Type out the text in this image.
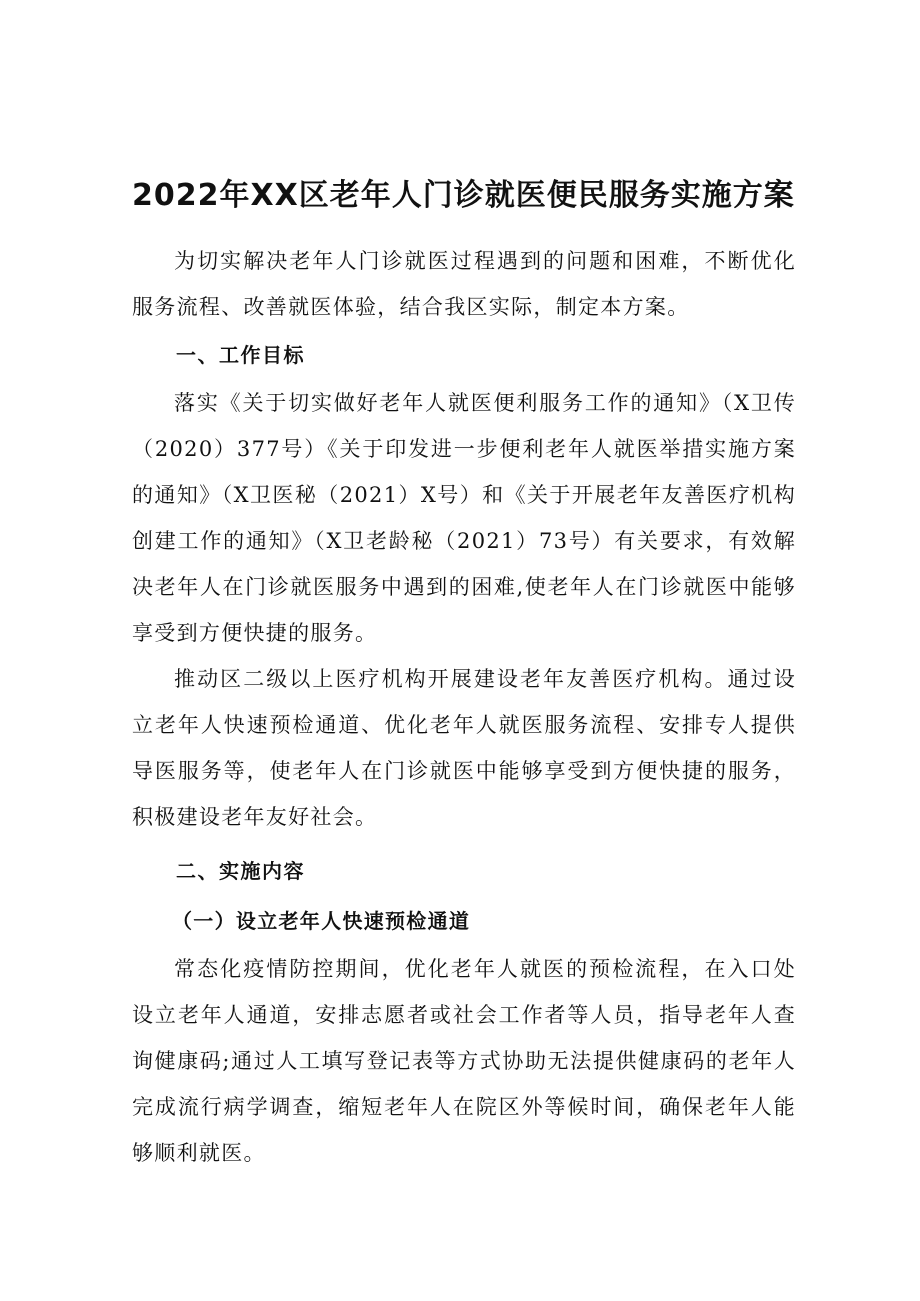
2022年XX区老年人门诊就医便民服务实施方案

为切实解决老年人门诊就医过程遇到的问题和困难，不断优化服务流程、改善就医体验，结合我区实际，制定本方案。

一、工作目标

落实《关于切实做好老年人就医便利服务工作的通知》（X卫传（2020）377号）《关于印发进一步便利老年人就医举措实施方案的通知》（X卫医秘（2021）X号）和《关于开展老年友善医疗机构创建工作的通知》（X卫老龄秘（2021）73号）有关要求，有效解决老年人在门诊就医服务中遇到的困难,使老年人在门诊就医中能够享受到方便快捷的服务。

推动区二级以上医疗机构开展建设老年友善医疗机构。通过设立老年人快速预检通道、优化老年人就医服务流程、安排专人提供导医服务等，使老年人在门诊就医中能够享受到方便快捷的服务，积极建设老年友好社会。

二、实施内容
（一）设立老年人快速预检通道

常态化疫情防控期间，优化老年人就医的预检流程，在入口处设立老年人通道，安排志愿者或社会工作者等人员，指导老年人查询健康码;通过人工填写登记表等方式协助无法提供健康码的老年人完成流行病学调查，缩短老年人在院区外等候时间，确保老年人能够顺利就医。
